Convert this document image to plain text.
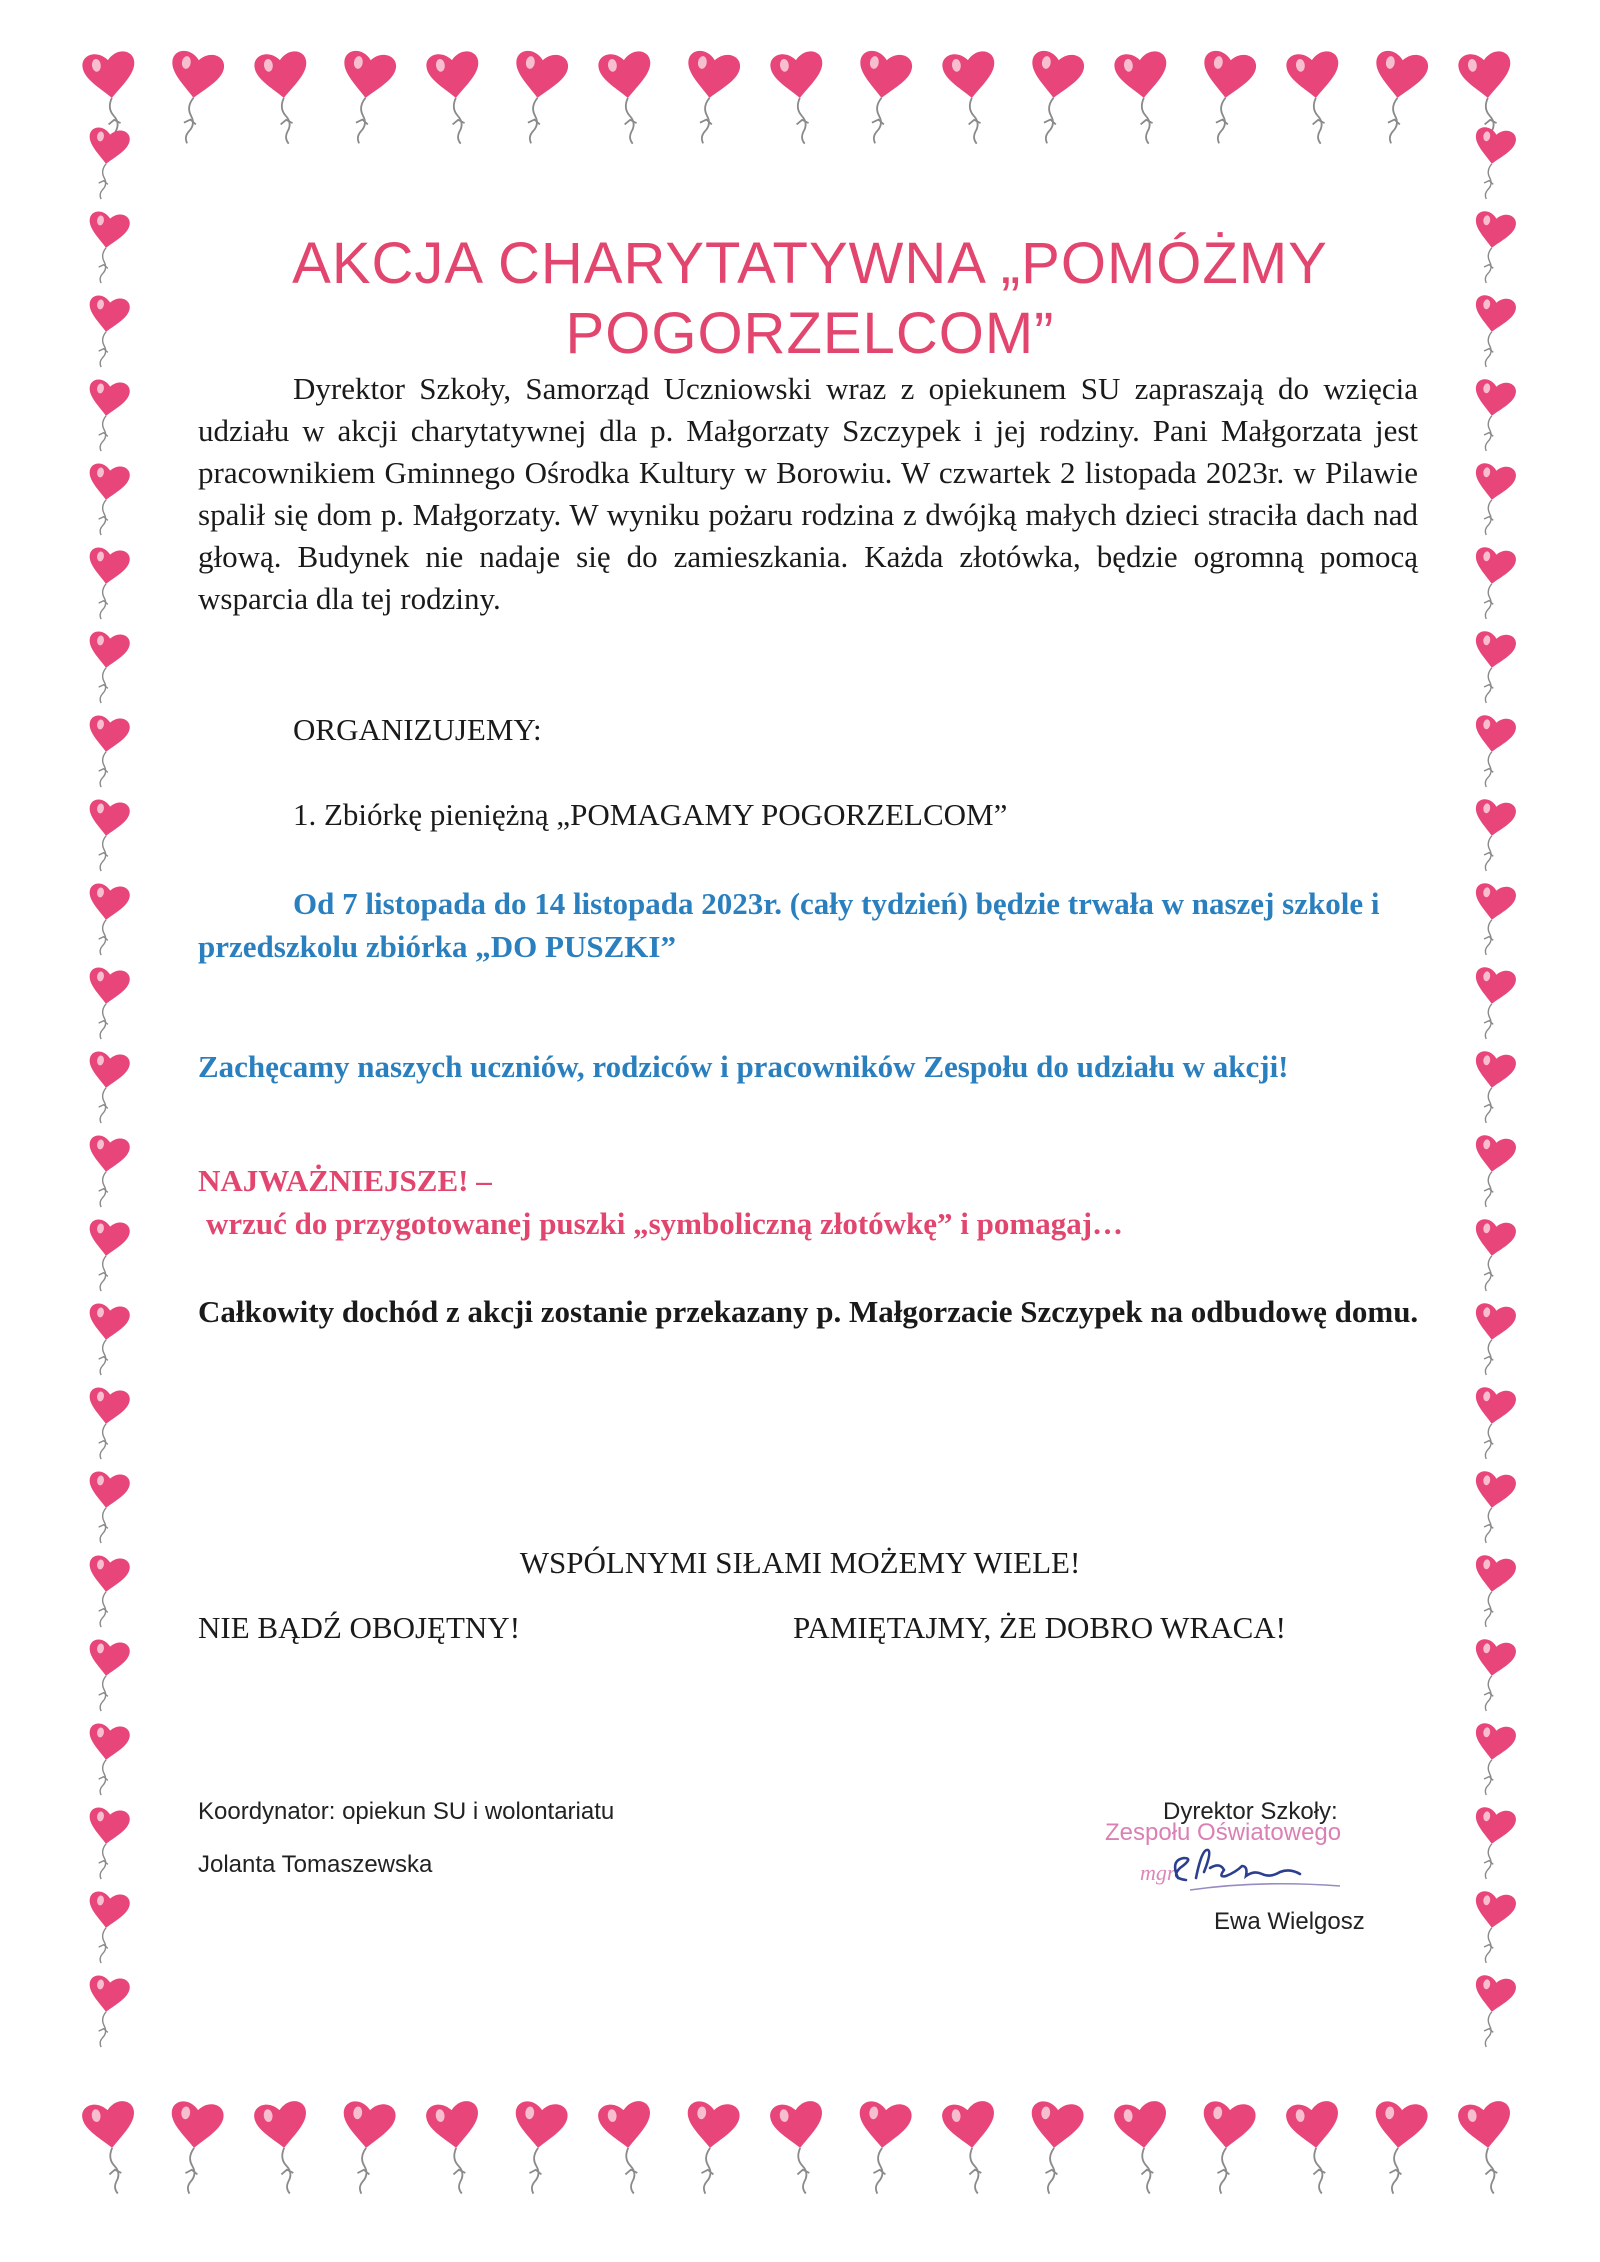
AKCJA CHARYTATYWNA „POMÓŻMY POGORZELCOM”

Dyrektor Szkoły, Samorząd Uczniowski wraz z opiekunem SU zapraszają do wzięcia udziału w akcji charytatywnej dla p. Małgorzaty Szczypek i jej rodziny. Pani Małgorzata jest pracownikiem Gminnego Ośrodka Kultury w Borowiu. W czwartek 2 listopada 2023r. w Pilawie spalił się dom p. Małgorzaty. W wyniku pożaru rodzina z dwójką małych dzieci straciła dach nad głową. Budynek nie nadaje się do zamieszkania. Każda złotówka, będzie ogromną pomocą wsparcia dla tej rodziny.

ORGANIZUJEMY:
1. Zbiórkę pieniężną „POMAGAMY POGORZELCOM”
Od 7 listopada do 14 listopada 2023r. (cały tydzień) będzie trwała w naszej szkole i przedszkolu zbiórka „DO PUSZKI”
Zachęcamy naszych uczniów, rodziców i pracowników Zespołu do udziału w akcji!
NAJWAŻNIEJSZE! –
wrzuć do przygotowanej puszki „symboliczną złotówkę” i pomagaj…
Całkowity dochód z akcji zostanie przekazany p. Małgorzacie Szczypek na odbudowę domu.
WSPÓLNYMI SIŁAMI MOŻEMY WIELE!
NIE BĄDŹ OBOJĘTNY!	PAMIĘTAJMY, ŻE DOBRO WRACA!
Koordynator: opiekun SU i wolontariatu
Jolanta Tomaszewska
Zespołu Oświatowego
mgr
Dyrektor Szkoły:
Ewa Wielgosz
